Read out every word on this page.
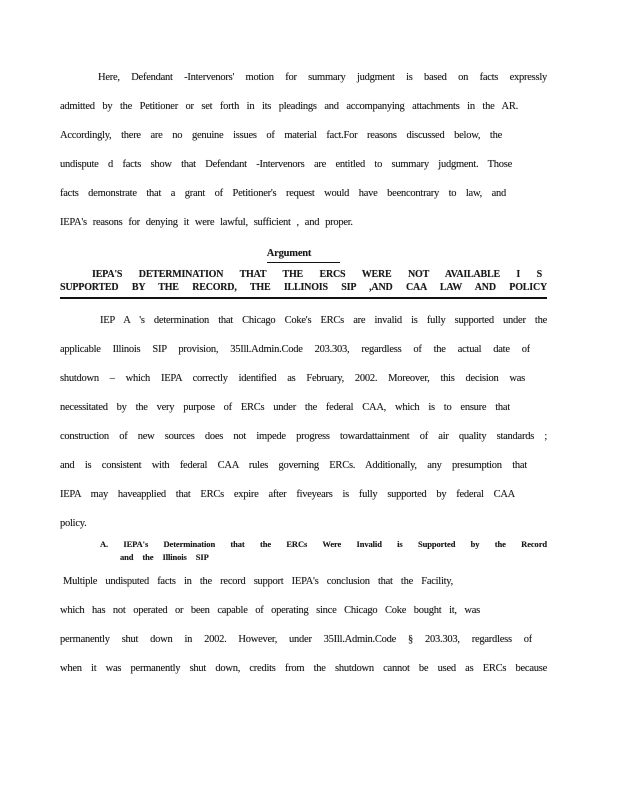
Here, Defendant -Intervenors' motion for summary judgment is based on facts expressly
admitted by the Petitioner or set forth in its pleadings and accompanying attachments in the AR.
Accordingly, there are no genuine issues of material fact.For reasons discussed below, the
undispute d facts show that Defendant -Intervenors are entitled to summary judgment. Those
facts demonstrate that a grant of Petitioner's request would have beencontrary to law, and
IEPA's reasons for denying it were lawful, sufficient , and proper.
Argument
IEPA'S DETERMINATION THAT THE ERCS WERE NOT AVAILABLE I S
SUPPORTED BY THE RECORD, THE ILLINOIS SIP ,AND CAA LAW AND POLICY
IEP A 's determination that Chicago Coke's ERCs are invalid is fully supported under the
applicable Illinois SIP provision, 35Ill.Admin.Code 203.303, regardless of the actual date of
shutdown – which IEPA correctly identified as February, 2002. Moreover, this decision was
necessitated by the very purpose of ERCs under the federal CAA, which is to ensure that
construction of new sources does not impede progress towardattainment of air quality standards ;
and is consistent with federal CAA rules governing ERCs. Additionally, any presumption that
IEPA may haveapplied that ERCs expire after fiveyears is fully supported by federal CAA
policy.
A. IEPA's Determination that the ERCs Were Invalid is Supported by the Record
and the Illinois SIP
Multiple undisputed facts in the record support IEPA's conclusion that the Facility,
which has not operated or been capable of operating since Chicago Coke bought it, was
permanently shut down in 2002. However, under 35Ill.Admin.Code § 203.303, regardless of
when it was permanently shut down, credits from the shutdown cannot be used as ERCs because
